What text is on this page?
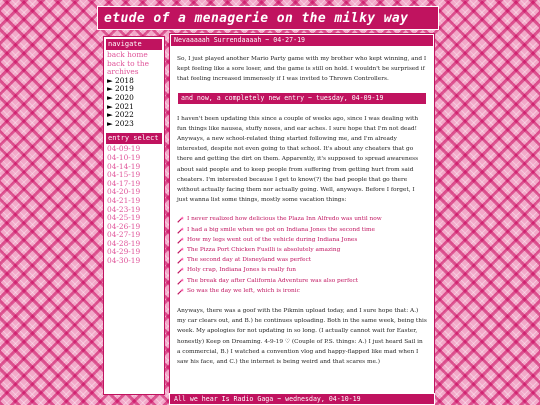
etude of a menagerie on the milky way
navigate
back home
back to the archives
► 2018
► 2019
► 2020
► 2021
► 2022
► 2023
entry select
04-09-19
04-10-19
04-14-19
04-15-19
04-17-19
04-20-19
04-21-19
04-23-19
04-25-19
04-26-19
04-27-19
04-28-19
04-29-19
04-30-19
Nevaaaaah Surrendaaaah ~ 04-27-19

So, I just played another Mario Party game with my brother who kept winning, and I kept feeling like a sore loser, and the game is still on hold. I wouldn't be surprised if that feeling increased immensely if I was invited to Thrown Controllers.

and now, a completely new entry ~ tuesday, 04-09-19

I haven't been updating this since a couple of weeks ago, since I was dealing with fun things like nausea, stuffy noses, and ear aches. I sure hope that I'm not dead! Anyways, a new school-related thing started following me, and I'm already interested, despite not even going to that school. It's about any cheaters that go there and getting the dirt on them. Apparently, it's supposed to spread awareness about said people and to keep people from suffering from getting hurt from said cheaters. I'm interested because I get to know(?) the bad people that go there without actually facing them nor actually going. Well, anyways. Before I forget, I just wanna list some things, mostly some vacation things:

I never realized how delicious the Plaza Inn Alfredo was until now
I had a big smile when we got on Indiana Jones the second time
How my legs went out of the vehicle during Indiana Jones
The Pizza Port Chicken Fusilli is absolutely amazing
The second day at Disneyland was perfect
Holy crap, Indiana Jones is really fun
The break day after California Adventure was also perfect
So was the day we left, which is ironic

Anyways, there was a goof with the Pikmin upload today, and I sure hope that: A.) my car clears out, and B.) he continues uploading. Both in the same week, being this week. My apologies for not updating in so long. (I actually cannot wait for Easter, honestly) Keep on Dreaming. 4-9-19 ♡ (Couple of P.S. things: A.) I just heard Sail in a commercial, B.) I watched a convention vlog and happy-flapped like mad when I saw his face, and C.) the internet is being weird and that scares me.)

All we hear Is Radio Gaga ~ wednesday, 04-10-19
